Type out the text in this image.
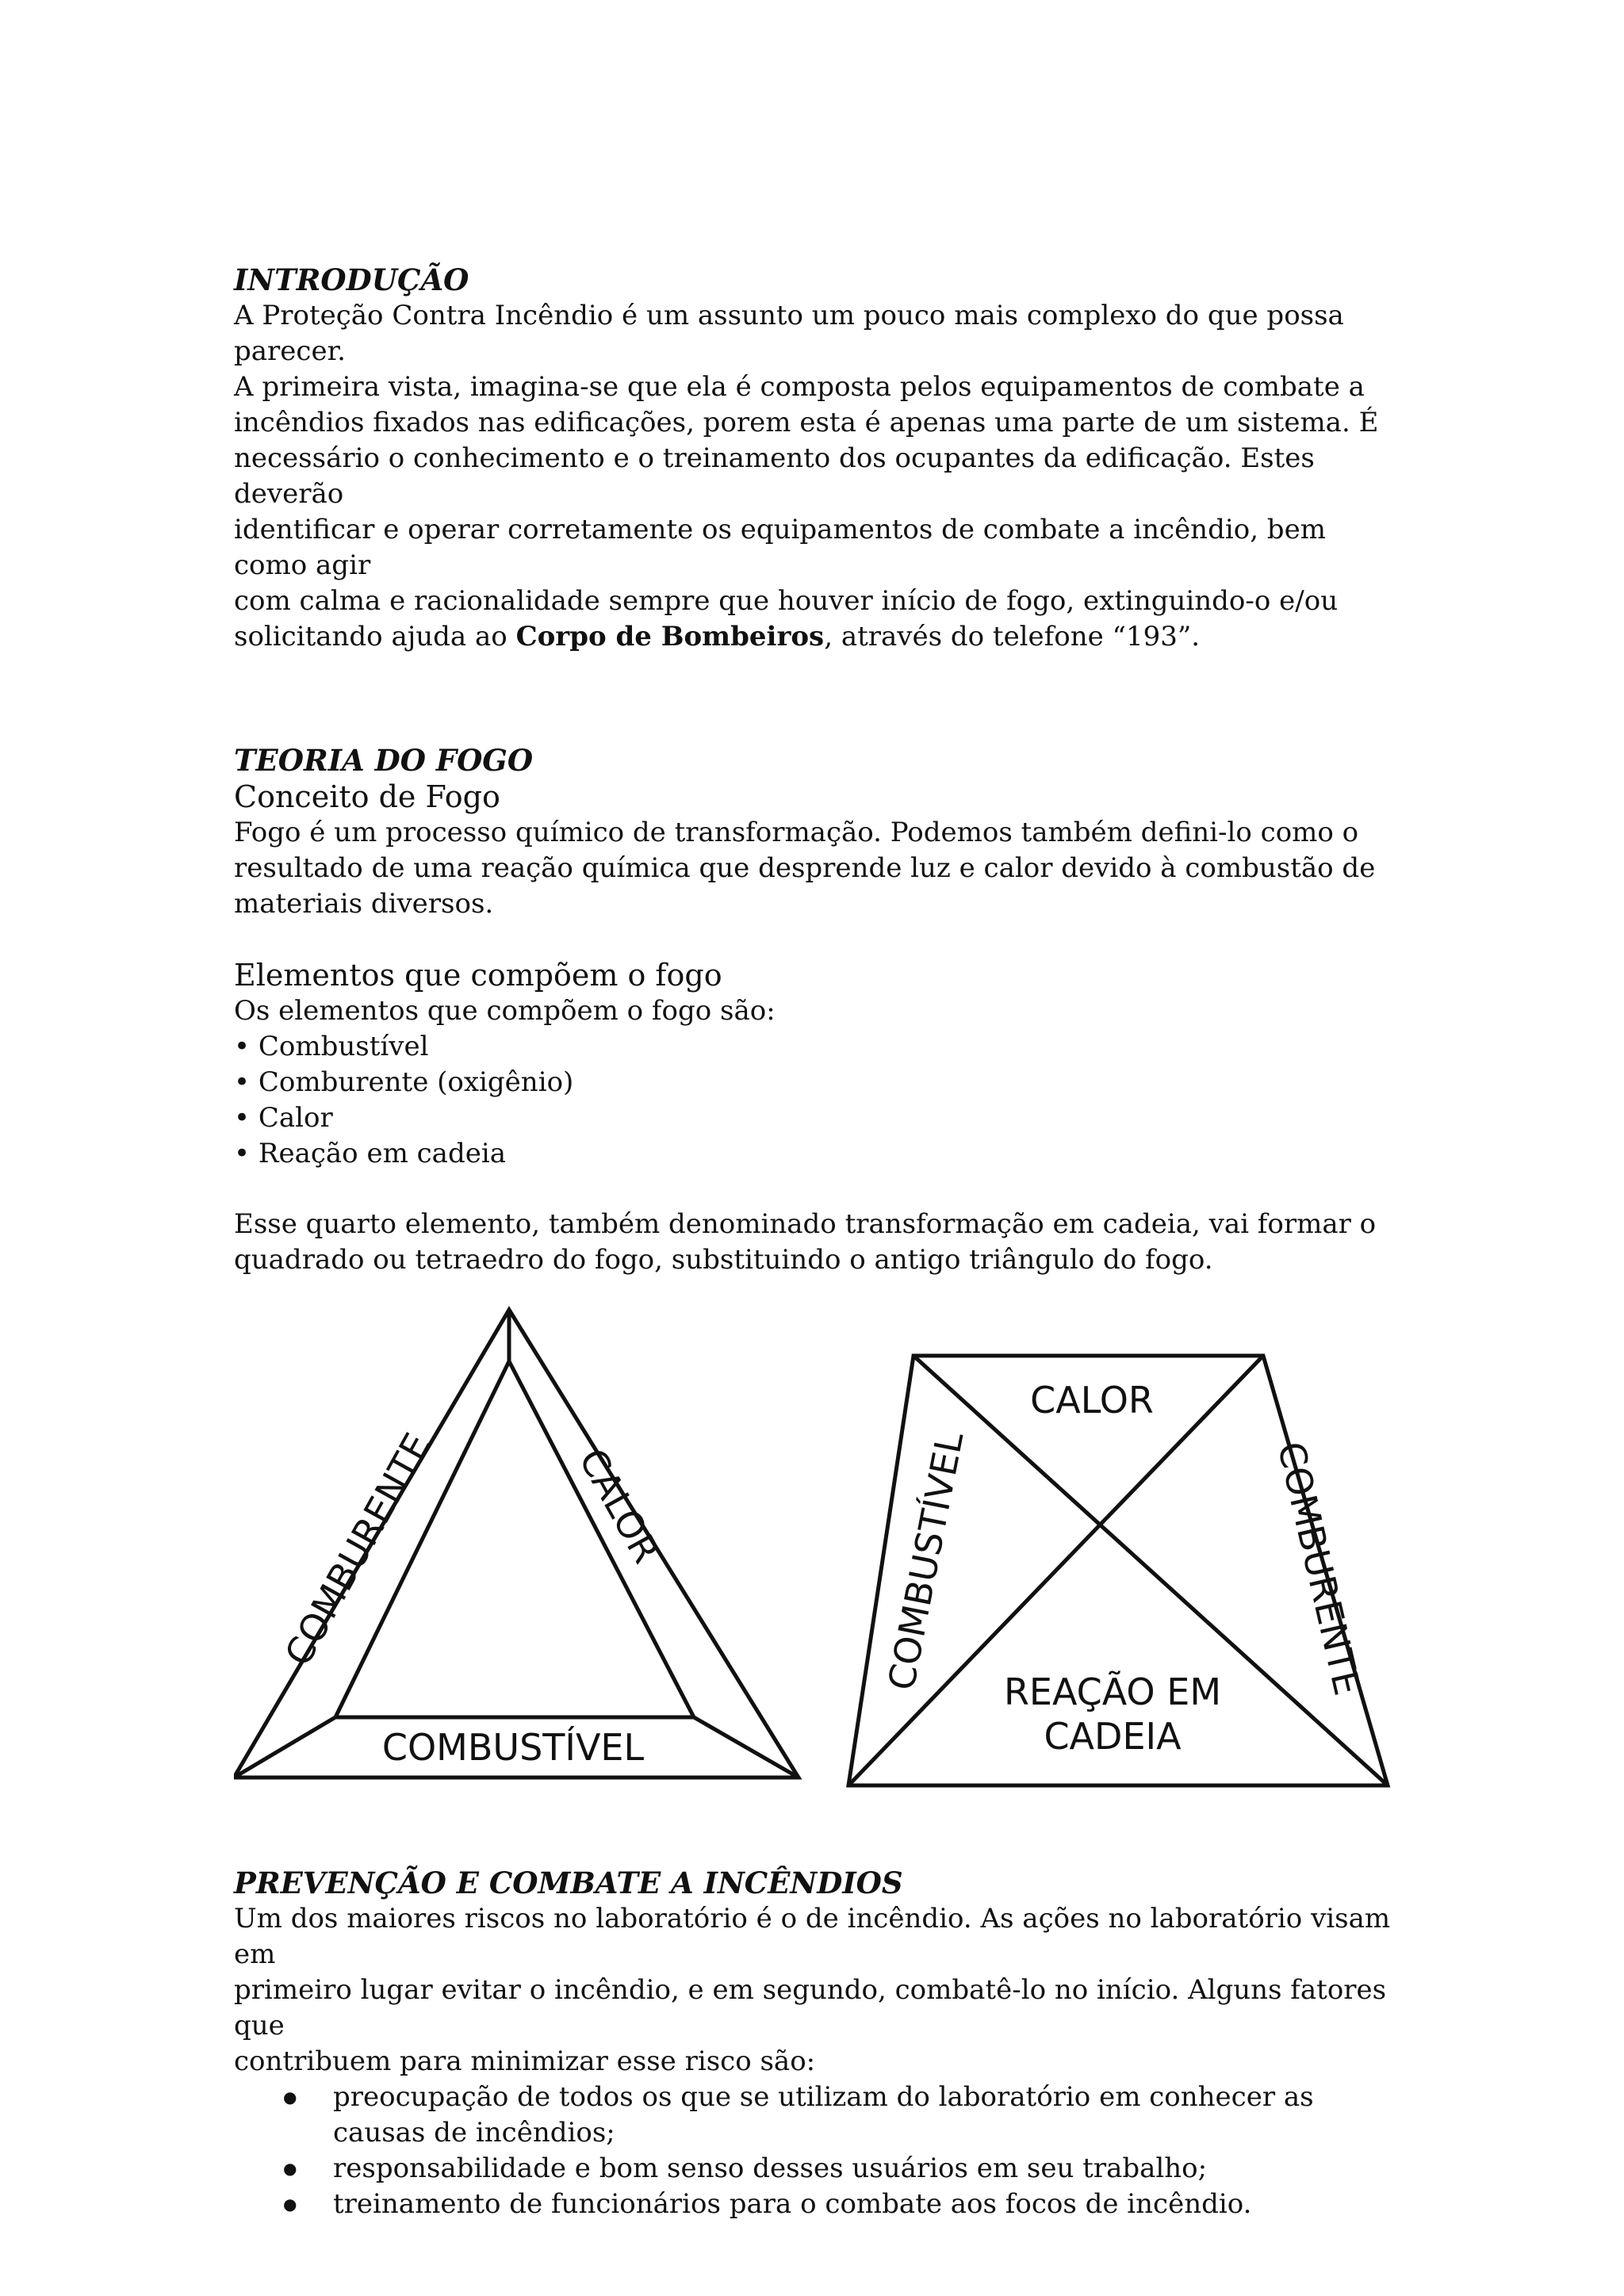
INTRODUÇÃO

A Proteção Contra Incêndio é um assunto um pouco mais complexo do que possa parecer.

A primeira vista, imagina-se que ela é composta pelos equipamentos de combate a

incêndios fixados nas edificações, porem esta é apenas uma parte de um sistema. É

necessário o conhecimento e o treinamento dos ocupantes da edificação. Estes deverão

identificar e operar corretamente os equipamentos de combate a incêndio, bem como agir

com calma e racionalidade sempre que houver início de fogo, extinguindo-o e/ou

solicitando ajuda ao Corpo de Bombeiros, através do telefone “193”.

TEORIA DO FOGO
Conceito de Fogo

Fogo é um processo químico de transformação. Podemos também defini-lo como o

resultado de uma reação química que desprende luz e calor devido à combustão de

materiais diversos.

Elementos que compõem o fogo

Os elementos que compõem o fogo são:

• Combustível
• Comburente (oxigênio)
• Calor
• Reação em cadeia

Esse quarto elemento, também denominado transformação em cadeia, vai formar o

quadrado ou tetraedro do fogo, substituindo o antigo triângulo do fogo.

COMBURENTE	CALOR
COMBUSTÍVEL
CALOR
COMBUSTÍVEL	COMBURENTE
REAÇÃO EM
CADEIA
PREVENÇÃO E COMBATE A INCÊNDIOS

Um dos maiores riscos no laboratório é o de incêndio. As ações no laboratório visam em

primeiro lugar evitar o incêndio, e em segundo, combatê-lo no início. Alguns fatores que

contribuem para minimizar esse risco são:

● preocupação de todos os que se utilizam do laboratório em conhecer as causas de incêndios;
● responsabilidade e bom senso desses usuários em seu trabalho;
● treinamento de funcionários para o combate aos focos de incêndio.
